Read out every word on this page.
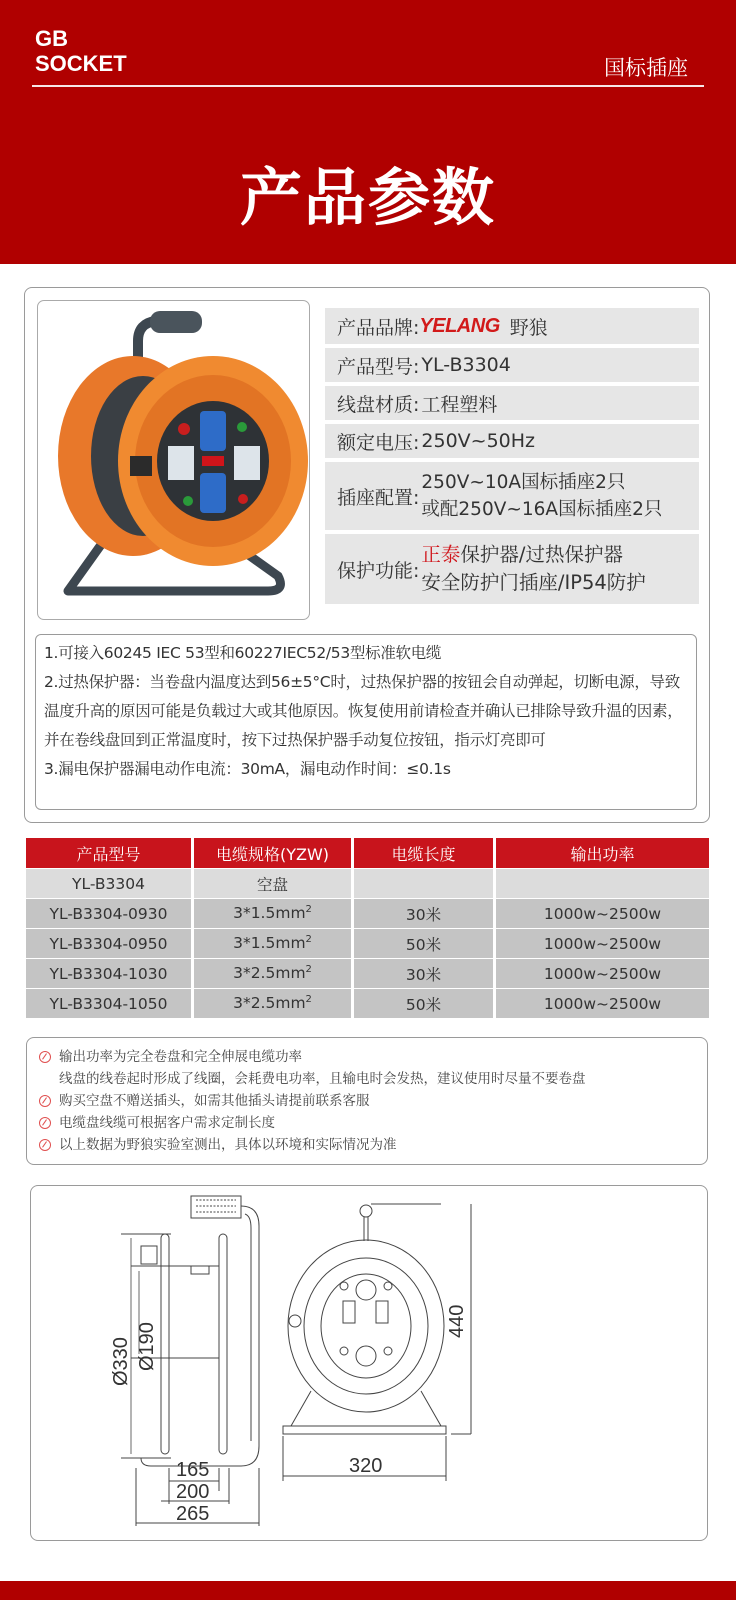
GB
SOCKET	国标插座
产品参数
产品品牌: YELANG 野狼
产品型号: YL-B3304
线盘材质: 工程塑料
额定电压: 250V~50Hz
插座配置:
250V~10A国标插座2只
或配250V~16A国标插座2只
保护功能:
正泰保护器/过热保护器
安全防护门插座/IP54防护
1.可接入60245 IEC 53型和60227IEC52/53型标准软电缆
2.过热保护器：当卷盘内温度达到56±5°C时，过热保护器的按钮会自动弹起，切断电源，导致温度升高的原因可能是负载过大或其他原因。恢复使用前请检查并确认已排除导致升温的因素，并在卷线盘回到正常温度时，按下过热保护器手动复位按钮，指示灯亮即可
3.漏电保护器漏电动作电流：30mA，漏电动作时间：≤0.1s
产品型号	电缆规格(YZW)	电缆长度	输出功率
YL-B3304	空盘		
YL-B3304-0930	$3*1.5mm^2$	30米	1000w~2500w
YL-B3304-0950	$3*1.5mm^2$	50米	1000w~2500w
YL-B3304-1030	$3*2.5mm^2$	30米	1000w~2500w
YL-B3304-1050	$3*2.5mm^2$	50米	1000w~2500w
输出功率为完全卷盘和完全伸展电缆功率
线盘的线卷起时形成了线圈，会耗费电功率，且输电时会发热，建议使用时尽量不要卷盘
购买空盘不赠送插头，如需其他插头请提前联系客服
电缆盘线缆可根据客户需求定制长度
以上数据为野狼实验室测出，具体以环境和实际情况为准
165
200
265
Ø330 Ø190
320
440
